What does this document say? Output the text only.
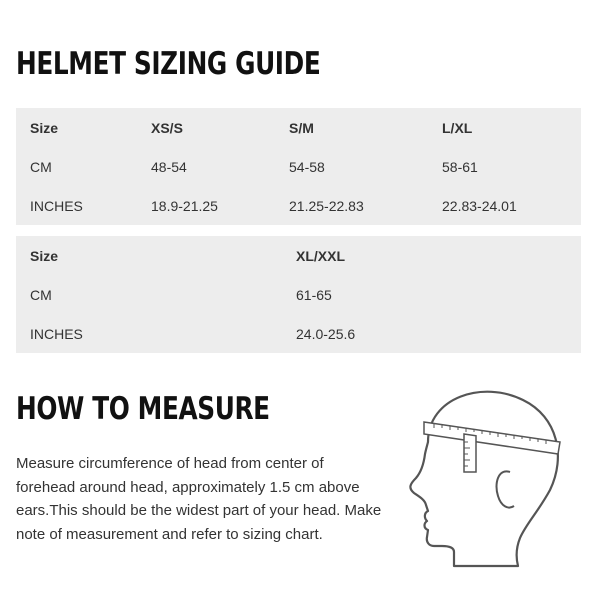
HELMET SIZING GUIDE
Size	XS/S	S/M	L/XL
CM	48-54	54-58	58-61
INCHES	18.9-21.25	21.25-22.83	22.83-24.01
Size	XL/XXL
CM	61-65
INCHES	24.0-25.6
HOW TO MEASURE

Measure circumference of head from center of forehead around head, approximately 1.5 cm above ears.This should be the widest part of your head. Make note of measurement and refer to sizing chart.
